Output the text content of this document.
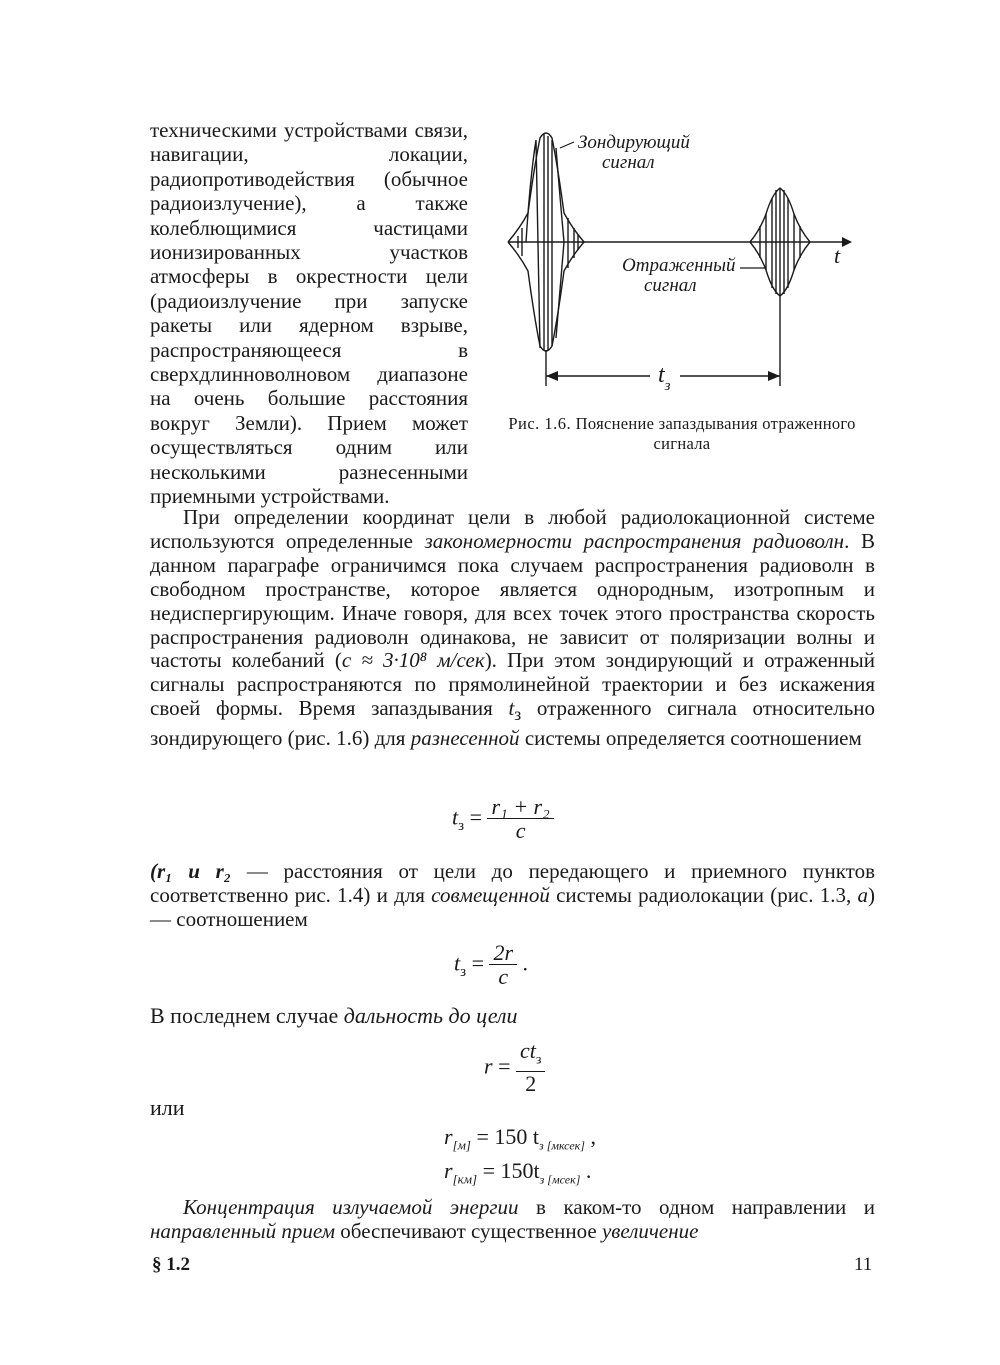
техническими устройствами связи, навигации, локации, радиопротиводействия (обычное радиоизлучение), а также колеблющимися частицами ионизированных участков атмосферы в окрестности цели (радиоизлучение при запуске ракеты или ядерном взрыве, распространяющееся в сверхдлинноволновом диапазоне на очень большие расстояния вокруг Земли). Прием может осуществляться одним или несколькими разнесенными приемными устройствами.

t
$t_з$
Зондирующий
сигнал
Отраженный
сигнал
Рис. 1.6. Пояснение запаздывания отраженного сигнала

При определении координат цели в любой радиолокационной системе используются определенные закономерности распространения радиоволн. В данном параграфе ограничимся пока случаем распространения радиоволн в свободном пространстве, которое является однородным, изотропным и недиспергирующим. Иначе говоря, для всех точек этого пространства скорость распространения радиоволн одинакова, не зависит от поляризации волны и частоты колебаний (c ≈ 3·10⁸ м/сек). При этом зондирующий и отраженный сигналы распространяются по прямолинейной траектории и без искажения своей формы. Время запаздывания $t_з$ отраженного сигнала относительно зондирующего (рис. 1.6) для разнесенной системы определяется соотношением

$t_з = \frac{\text{r₁ + r₂}}{c}$

(r₁ и r₂ — расстояния от цели до передающего и приемного пунктов соответственно рис. 1.4) и для совмещенной системы радиолокации (рис. 1.3, а) — соотношением

$t_з = \frac{2r}{c}$ .

В последнем случае дальность до цели

$r = \frac{ct_з}{2}$

или

$r_{[м]} = 150$ $t_{з [мксек]}$ ,
$r_{[км]} = 150t_{з [мсек]}$ .

Концентрация излучаемой энергии в каком-то одном направлении и направленный прием обеспечивают существенное увеличение

§ 1.2	11
